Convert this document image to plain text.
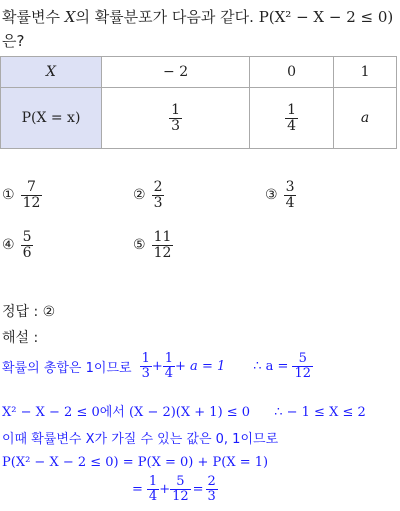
확률변수 X의 확률분포가 다음과 같다. P(X² − X − 2 ≤ 0)
은?
X	− 2	0	1
P(X = x)	$\frac{1}{3}$	$\frac{1}{4}$	a
① $\frac{7}{12}$	② $\frac{2}{3}$	③ $\frac{3}{4}$
④ $\frac{5}{6}$	⑤ $\frac{11}{12}$
정답 : ②
해설 :
확률의 총합은 1이므로 $\frac{1}{3} + \frac{1}{4} + a = 1$ ∴ $a = \frac{5}{12}$
X² − X − 2 ≤ 0에서 (X − 2)(X + 1) ≤ 0 ∴ − 1 ≤ X ≤ 2
이때 확률변수 X가 가질 수 있는 값은 0, 1이므로
P(X² − X − 2 ≤ 0) = P(X = 0) + P(X = 1)
= $\frac{1}{4} + \frac{5}{12} = \frac{2}{3}$
